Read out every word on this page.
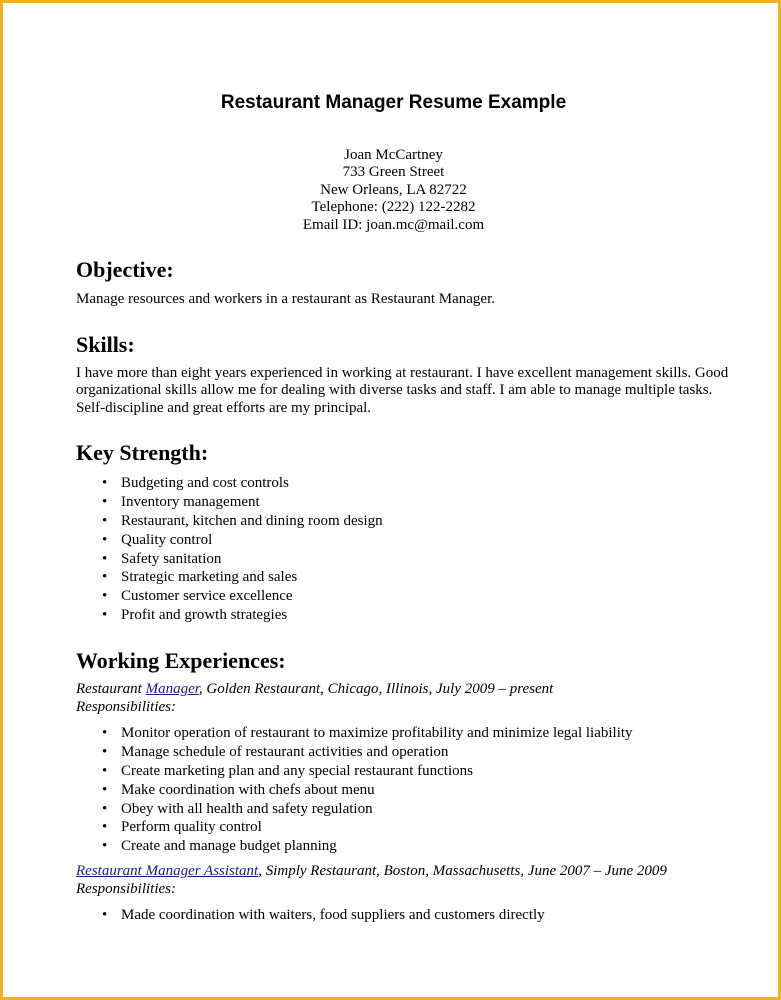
Restaurant Manager Resume Example
Joan McCartney
733 Green Street
New Orleans, LA 82722
Telephone: (222) 122-2282
Email ID: joan.mc@mail.com
Objective:
Manage resources and workers in a restaurant as Restaurant Manager.
Skills:
I have more than eight years experienced in working at restaurant. I have excellent management skills. Good organizational skills allow me for dealing with diverse tasks and staff. I am able to manage multiple tasks. Self-discipline and great efforts are my principal.
Key Strength:
• Budgeting and cost controls
• Inventory management
• Restaurant, kitchen and dining room design
• Quality control
• Safety sanitation
• Strategic marketing and sales
• Customer service excellence
• Profit and growth strategies
Working Experiences:
Restaurant Manager, Golden Restaurant, Chicago, Illinois, July 2009 – present
Responsibilities:
• Monitor operation of restaurant to maximize profitability and minimize legal liability
• Manage schedule of restaurant activities and operation
• Create marketing plan and any special restaurant functions
• Make coordination with chefs about menu
• Obey with all health and safety regulation
• Perform quality control
• Create and manage budget planning
Restaurant Manager Assistant, Simply Restaurant, Boston, Massachusetts, June 2007 – June 2009
Responsibilities:
• Made coordination with waiters, food suppliers and customers directly
